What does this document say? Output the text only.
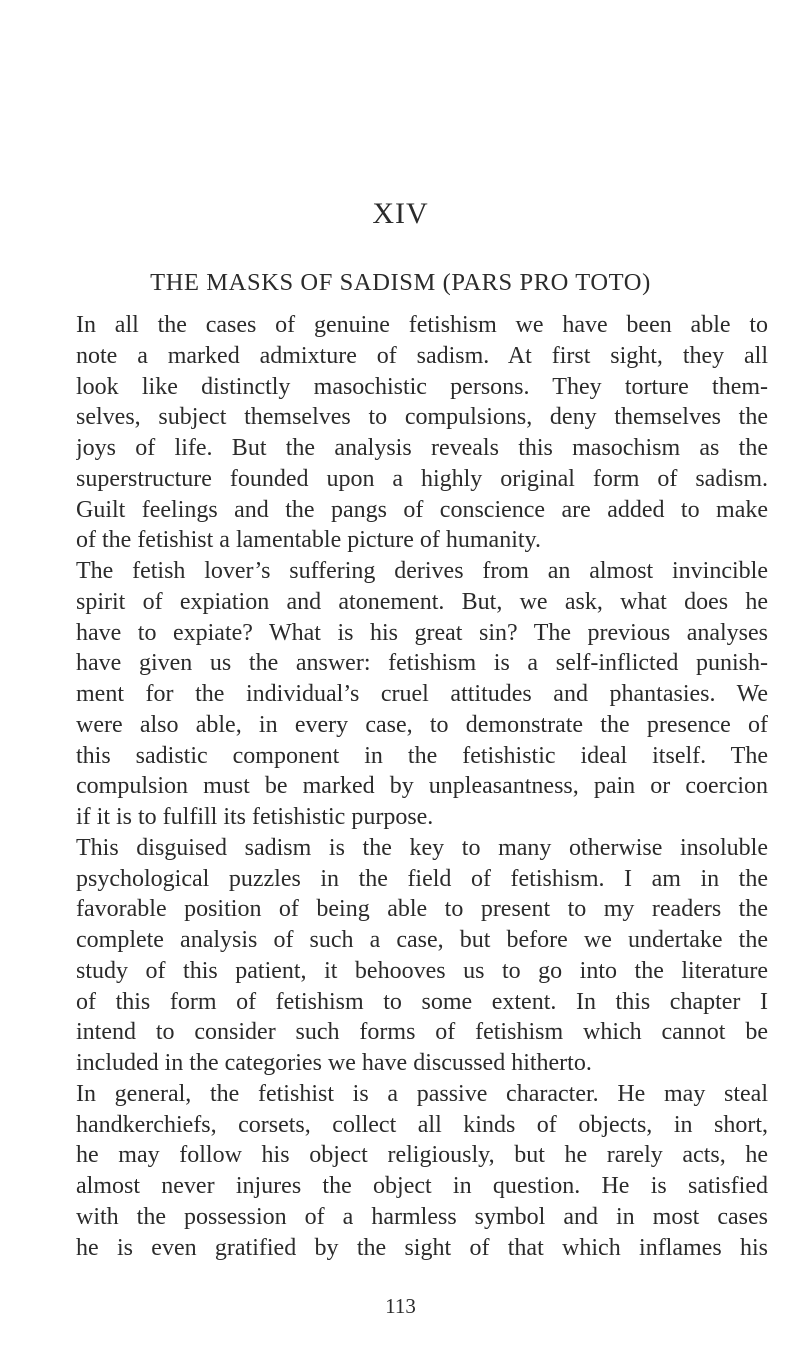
XIV
THE MASKS OF SADISM (PARS PRO TOTO)
In all the cases of genuine fetishism we have been able to
note a marked admixture of sadism. At first sight, they all
look like distinctly masochistic persons. They torture them-
selves, subject themselves to compulsions, deny themselves the
joys of life. But the analysis reveals this masochism as the
superstructure founded upon a highly original form of sadism.
Guilt feelings and the pangs of conscience are added to make
of the fetishist a lamentable picture of humanity.
The fetish lover’s suffering derives from an almost invincible
spirit of expiation and atonement. But, we ask, what does he
have to expiate? What is his great sin? The previous analyses
have given us the answer: fetishism is a self-inflicted punish-
ment for the individual’s cruel attitudes and phantasies. We
were also able, in every case, to demonstrate the presence of
this sadistic component in the fetishistic ideal itself. The
compulsion must be marked by unpleasantness, pain or coercion
if it is to fulfill its fetishistic purpose.
This disguised sadism is the key to many otherwise insoluble
psychological puzzles in the field of fetishism. I am in the
favorable position of being able to present to my readers the
complete analysis of such a case, but before we undertake the
study of this patient, it behooves us to go into the literature
of this form of fetishism to some extent. In this chapter I
intend to consider such forms of fetishism which cannot be
included in the categories we have discussed hitherto.
In general, the fetishist is a passive character. He may steal
handkerchiefs, corsets, collect all kinds of objects, in short,
he may follow his object religiously, but he rarely acts, he
almost never injures the object in question. He is satisfied
with the possession of a harmless symbol and in most cases
he is even gratified by the sight of that which inflames his
113
